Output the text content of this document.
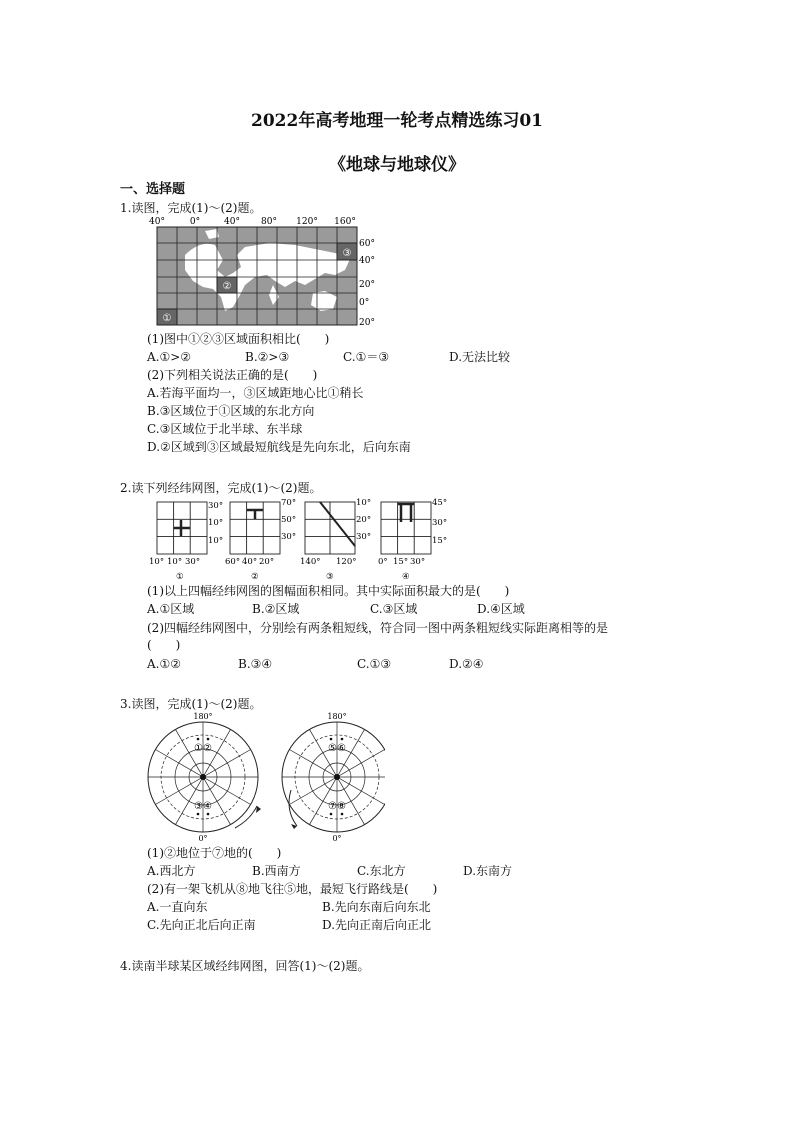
2022年高考地理一轮考点精选练习01
《地球与地球仪》
一、选择题
1.读图，完成(1)～(2)题。
①
②
③
40°	0°	40° 80° 120° 160°
60°
40°
20°
0°
20°
(1)图中①②③区域面积相比(　　)
A.①>②	B.②>③	C.①＝③	D.无法比较
(2)下列相关说法正确的是(　　)
A.若海平面均一，③区域距地心比①稍长
B.③区域位于①区域的东北方向
C.③区域位于北半球、东半球
D.②区域到③区域最短航线是先向东北，后向东南
2.读下列经纬网图，完成(1)～(2)题。
30°
10°
10°
10° 10° 30°
①
70°
50°
30°
60° 40° 20°
②
10°
20°
30°
140° 120°
③
45°
30°
15°
0° 15° 30°
④
(1)以上四幅经纬网图的图幅面积相同。其中实际面积最大的是(　　)
A.①区域	B.②区域	C.③区域	D.④区域
(2)四幅经纬网图中，分别绘有两条粗短线，符合同一图中两条粗短线实际距离相等的是
(　　)
A.①②	B.③④	C.①③	D.②④
3.读图，完成(1)～(2)题。
180°
0°
180°
0°
①②
③④
⑤⑥
⑦⑧
(1)②地位于⑦地的(　　)
A.西北方	B.西南方	C.东北方	D.东南方
(2)有一架飞机从⑧地飞往⑤地，最短飞行路线是(　　)
A.一直向东	B.先向东南后向东北
C.先向正北后向正南	D.先向正南后向正北
4.读南半球某区域经纬网图，回答(1)～(2)题。
